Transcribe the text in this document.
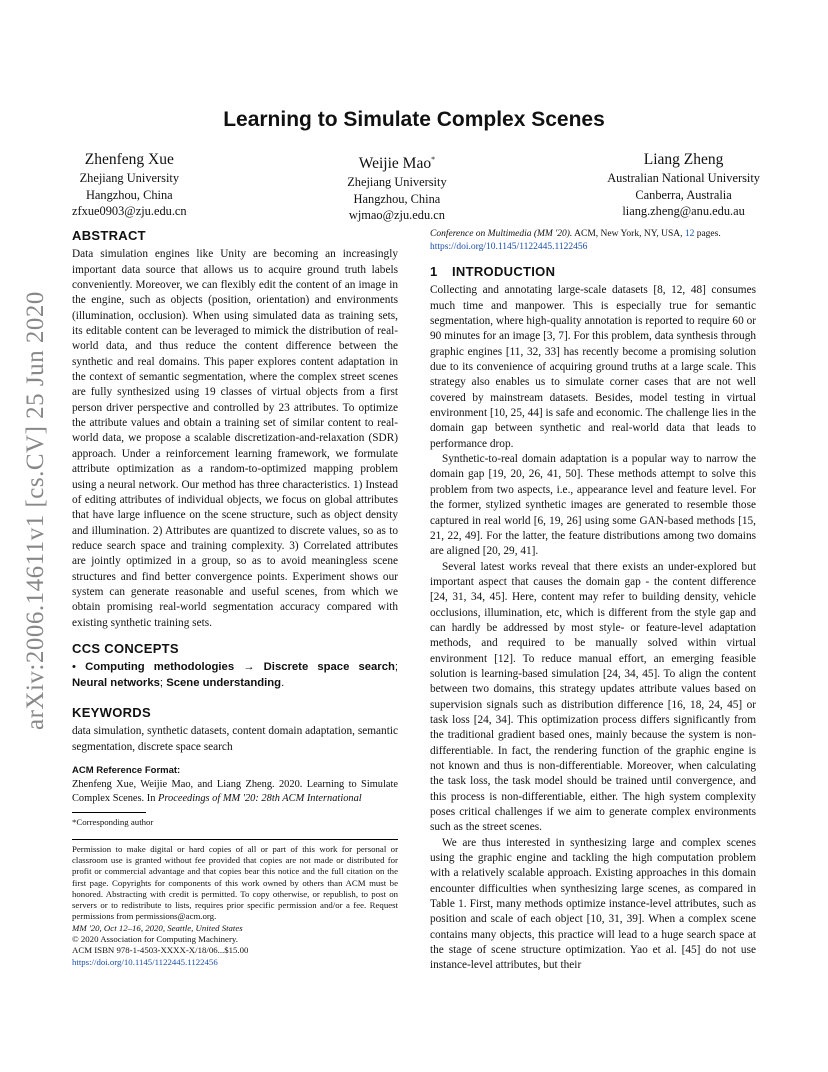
arXiv:2006.14611v1 [cs.CV] 25 Jun 2020
Learning to Simulate Complex Scenes
Zhenfeng Xue
Zhejiang University
Hangzhou, China
zfxue0903@zju.edu.cn
Weijie Mao*
Zhejiang University
Hangzhou, China
wjmao@zju.edu.cn
Liang Zheng
Australian National University
Canberra, Australia
liang.zheng@anu.edu.au
ABSTRACT

Data simulation engines like Unity are becoming an increasingly important data source that allows us to acquire ground truth labels conveniently. Moreover, we can flexibly edit the content of an image in the engine, such as objects (position, orientation) and environments (illumination, occlusion). When using simulated data as training sets, its editable content can be leveraged to mimick the distribution of real-world data, and thus reduce the content difference between the synthetic and real domains. This paper explores content adaptation in the context of semantic segmentation, where the complex street scenes are fully synthesized using 19 classes of virtual objects from a first person driver perspective and controlled by 23 attributes. To optimize the attribute values and obtain a training set of similar content to real-world data, we propose a scalable discretization-and-relaxation (SDR) approach. Under a reinforcement learning framework, we formulate attribute optimization as a random-to-optimized mapping problem using a neural network. Our method has three characteristics. 1) Instead of editing attributes of individual objects, we focus on global attributes that have large influence on the scene structure, such as object density and illumination. 2) Attributes are quantized to discrete values, so as to reduce search space and training complexity. 3) Correlated attributes are jointly optimized in a group, so as to avoid meaningless scene structures and find better convergence points. Experiment shows our system can generate reasonable and useful scenes, from which we obtain promising real-world segmentation accuracy compared with existing synthetic training sets.

CCS CONCEPTS

• Computing methodologies → Discrete space search; Neural networks; Scene understanding.

KEYWORDS

data simulation, synthetic datasets, content domain adaptation, semantic segmentation, discrete space search

ACM Reference Format:

Zhenfeng Xue, Weijie Mao, and Liang Zheng. 2020. Learning to Simulate Complex Scenes. In Proceedings of MM '20: 28th ACM International

*Corresponding author

Permission to make digital or hard copies of all or part of this work for personal or classroom use is granted without fee provided that copies are not made or distributed for profit or commercial advantage and that copies bear this notice and the full citation on the first page. Copyrights for components of this work owned by others than ACM must be honored. Abstracting with credit is permitted. To copy otherwise, or republish, to post on servers or to redistribute to lists, requires prior specific permission and/or a fee. Request permissions from permissions@acm.org.

MM '20, Oct 12–16, 2020, Seattle, United States
© 2020 Association for Computing Machinery.
ACM ISBN 978-1-4503-XXXX-X/18/06...$15.00
https://doi.org/10.1145/1122445.1122456
Conference on Multimedia (MM '20). ACM, New York, NY, USA, 12 pages.
https://doi.org/10.1145/1122445.1122456
1 INTRODUCTION

Collecting and annotating large-scale datasets [8, 12, 48] consumes much time and manpower. This is especially true for semantic segmentation, where high-quality annotation is reported to require 60 or 90 minutes for an image [3, 7]. For this problem, data synthesis through graphic engines [11, 32, 33] has recently become a promising solution due to its convenience of acquiring ground truths at a large scale. This strategy also enables us to simulate corner cases that are not well covered by mainstream datasets. Besides, model testing in virtual environment [10, 25, 44] is safe and economic. The challenge lies in the domain gap between synthetic and real-world data that leads to performance drop.

Synthetic-to-real domain adaptation is a popular way to narrow the domain gap [19, 20, 26, 41, 50]. These methods attempt to solve this problem from two aspects, i.e., appearance level and feature level. For the former, stylized synthetic images are generated to resemble those captured in real world [6, 19, 26] using some GAN-based methods [15, 21, 22, 49]. For the latter, the feature distributions among two domains are aligned [20, 29, 41].

Several latest works reveal that there exists an under-explored but important aspect that causes the domain gap - the content difference [24, 31, 34, 45]. Here, content may refer to building density, vehicle occlusions, illumination, etc, which is different from the style gap and can hardly be addressed by most style- or feature-level adaptation methods, and required to be manually solved within virtual environment [12]. To reduce manual effort, an emerging feasible solution is learning-based simulation [24, 34, 45]. To align the content between two domains, this strategy updates attribute values based on supervision signals such as distribution difference [16, 18, 24, 45] or task loss [24, 34]. This optimization process differs significantly from the traditional gradient based ones, mainly because the system is non-differentiable. In fact, the rendering function of the graphic engine is not known and thus is non-differentiable. Moreover, when calculating the task loss, the task model should be trained until convergence, and this process is non-differentiable, either. The high system complexity poses critical challenges if we aim to generate complex environments such as the street scenes.

We are thus interested in synthesizing large and complex scenes using the graphic engine and tackling the high computation problem with a relatively scalable approach. Existing approaches in this domain encounter difficulties when synthesizing large scenes, as compared in Table 1. First, many methods optimize instance-level attributes, such as position and scale of each object [10, 31, 39]. When a complex scene contains many objects, this practice will lead to a huge search space at the stage of scene structure optimization. Yao et al. [45] do not use instance-level attributes, but their
